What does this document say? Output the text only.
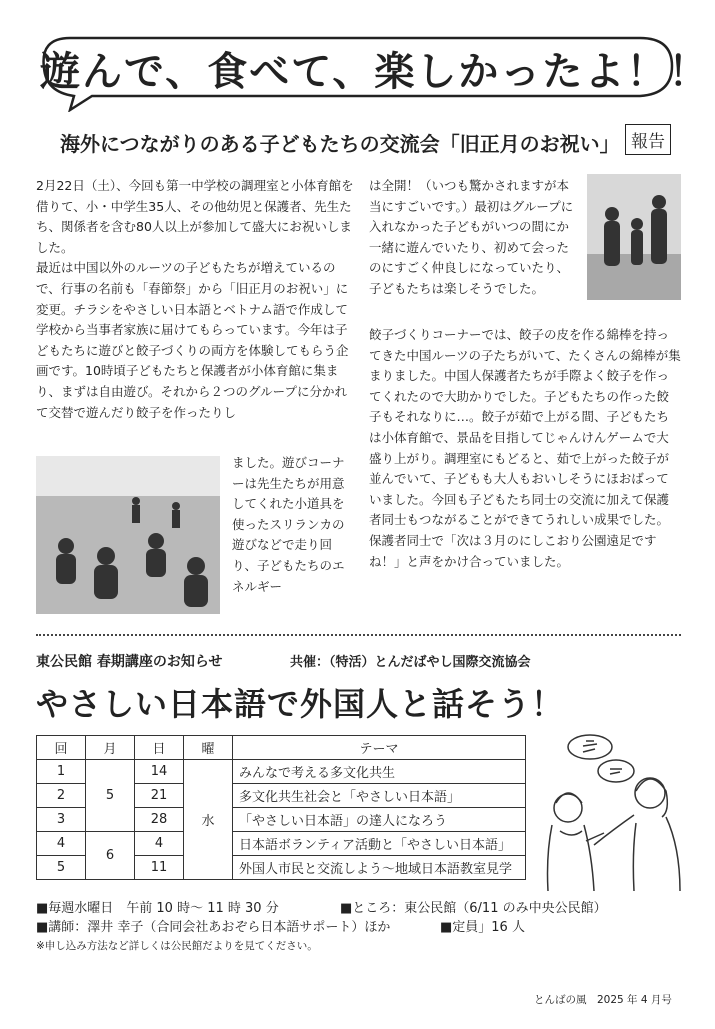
遊んで、食べて、楽しかったよ！！
海外につながりのある子どもたちの交流会「旧正月のお祝い」 報告

2月22日（土）、今回も第一中学校の調理室と小体育館を借りて、小・中学生35人、その他幼児と保護者、先生たち、関係者を含む80人以上が参加して盛大にお祝いしました。

最近は中国以外のルーツの子どもたちが増えているので、行事の名前も「春節祭」から「旧正月のお祝い」に変更。チラシをやさしい日本語とベトナム語で作成して学校から当事者家族に届けてもらっています。今年は子どもたちに遊びと餃子づくりの両方を体験してもらう企画です。10時頃子どもたちと保護者が小体育館に集まり、まずは自由遊び。それから２つのグループに分かれて交替で遊んだり餃子を作ったりし

ました。遊びコーナーは先生たちが用意してくれた小道具を使ったスリランカの遊びなどで走り回り、子どもたちのエネルギー
は全開！（いつも驚かされますが本当にすごいです。）最初はグループに入れなかった子どもがいつの間にか一緒に遊んでいたり、初めて会ったのにすごく仲良しになっていたり、子どもたちは楽しそうでした。

餃子づくりコーナーでは、餃子の皮を作る綿棒を持ってきた中国ルーツの子たちがいて、たくさんの綿棒が集まりました。中国人保護者たちが手際よく餃子を作ってくれたので大助かりでした。子どもたちの作った餃子もそれなりに…。餃子が茹で上がる間、子どもたちは小体育館で、景品を目指してじゃんけんゲームで大盛り上がり。調理室にもどると、茹で上がった餃子が並んでいて、子どもも大人もおいしそうにほおばっていました。今回も子どもたち同士の交流に加えて保護者同士もつながることができてうれしい成果でした。

保護者同士で「次は３月のにしこおり公園遠足ですね！」と声をかけ合っていました。

東公民館 春期講座のお知らせ	共催：（特活）とんだばやし国際交流協会
やさしい日本語で外国人と話そう！
回	月	日	曜	テーマ
1	5	14	水	みんなで考える多文化共生
2		21		多文化共生社会と「やさしい日本語」
3		28		「やさしい日本語」の達人になろう
4	6	4		日本語ボランティア活動と「やさしい日本語」
5		11		外国人市民と交流しよう～地域日本語教室見学
■毎週水曜日　午前 10 時～ 11 時 30 分	■ところ：東公民館（6/11 のみ中央公民館）
■講師：澤井 幸子（合同会社あおぞら日本語サポート）ほか	■定員」16 人
※申し込み方法など詳しくは公民館だよりを見てください。
とんばの風　2025 年 4 月号
